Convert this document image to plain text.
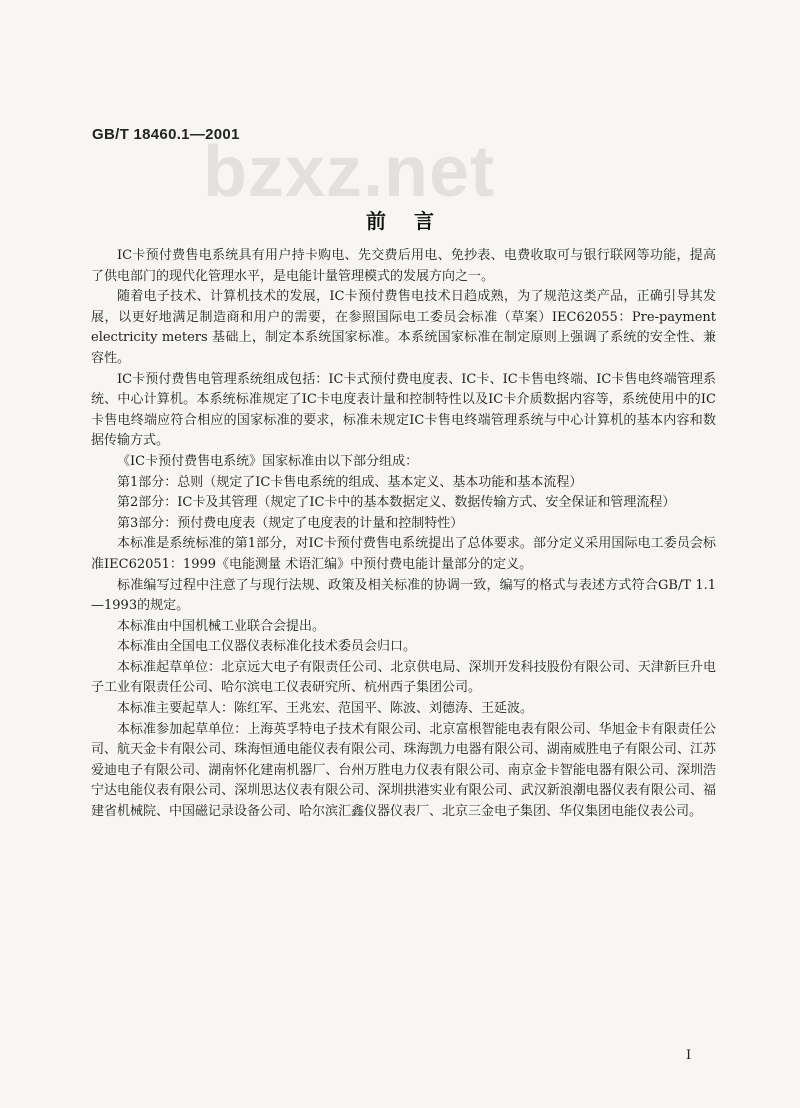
bzxz.net
GB/T 18460.1—2001
前言

IC卡预付费售电系统具有用户持卡购电、先交费后用电、免抄表、电费收取可与银行联网等功能，提高了供电部门的现代化管理水平，是电能计量管理模式的发展方向之一。

随着电子技术、计算机技术的发展，IC卡预付费售电技术日趋成熟，为了规范这类产品，正确引导其发展，以更好地满足制造商和用户的需要，在参照国际电工委员会标准（草案）IEC62055：Pre-payment electricity meters 基础上，制定本系统国家标准。本系统国家标准在制定原则上强调了系统的安全性、兼容性。

IC卡预付费售电管理系统组成包括：IC卡式预付费电度表、IC卡、IC卡售电终端、IC卡售电终端管理系统、中心计算机。本系统标准规定了IC卡电度表计量和控制特性以及IC卡介质数据内容等，系统使用中的IC卡售电终端应符合相应的国家标准的要求，标准未规定IC卡售电终端管理系统与中心计算机的基本内容和数据传输方式。

《IC卡预付费售电系统》国家标准由以下部分组成：

第1部分：总则（规定了IC卡售电系统的组成、基本定义、基本功能和基本流程）

第2部分：IC卡及其管理（规定了IC卡中的基本数据定义、数据传输方式、安全保证和管理流程）

第3部分：预付费电度表（规定了电度表的计量和控制特性）

本标准是系统标准的第1部分，对IC卡预付费售电系统提出了总体要求。部分定义采用国际电工委员会标准IEC62051：1999《电能测量 术语汇编》中预付费电能计量部分的定义。

标准编写过程中注意了与现行法规、政策及相关标准的协调一致，编写的格式与表述方式符合GB/T 1.1—1993的规定。

本标准由中国机械工业联合会提出。

本标准由全国电工仪器仪表标准化技术委员会归口。

本标准起草单位：北京远大电子有限责任公司、北京供电局、深圳开发科技股份有限公司、天津新巨升电子工业有限责任公司、哈尔滨电工仪表研究所、杭州西子集团公司。

本标准主要起草人：陈红军、王兆宏、范国平、陈波、刘德涛、王延波。

本标准参加起草单位：上海英孚特电子技术有限公司、北京富根智能电表有限公司、华旭金卡有限责任公司、航天金卡有限公司、珠海恒通电能仪表有限公司、珠海凯力电器有限公司、湖南威胜电子有限公司、江苏爱迪电子有限公司、湖南怀化建南机器厂、台州万胜电力仪表有限公司、南京金卡智能电器有限公司、深圳浩宁达电能仪表有限公司、深圳思达仪表有限公司、深圳拱港实业有限公司、武汉新浪潮电器仪表有限公司、福建省机械院、中国磁记录设备公司、哈尔滨汇鑫仪器仪表厂、北京三金电子集团、华仪集团电能仪表公司。

I
